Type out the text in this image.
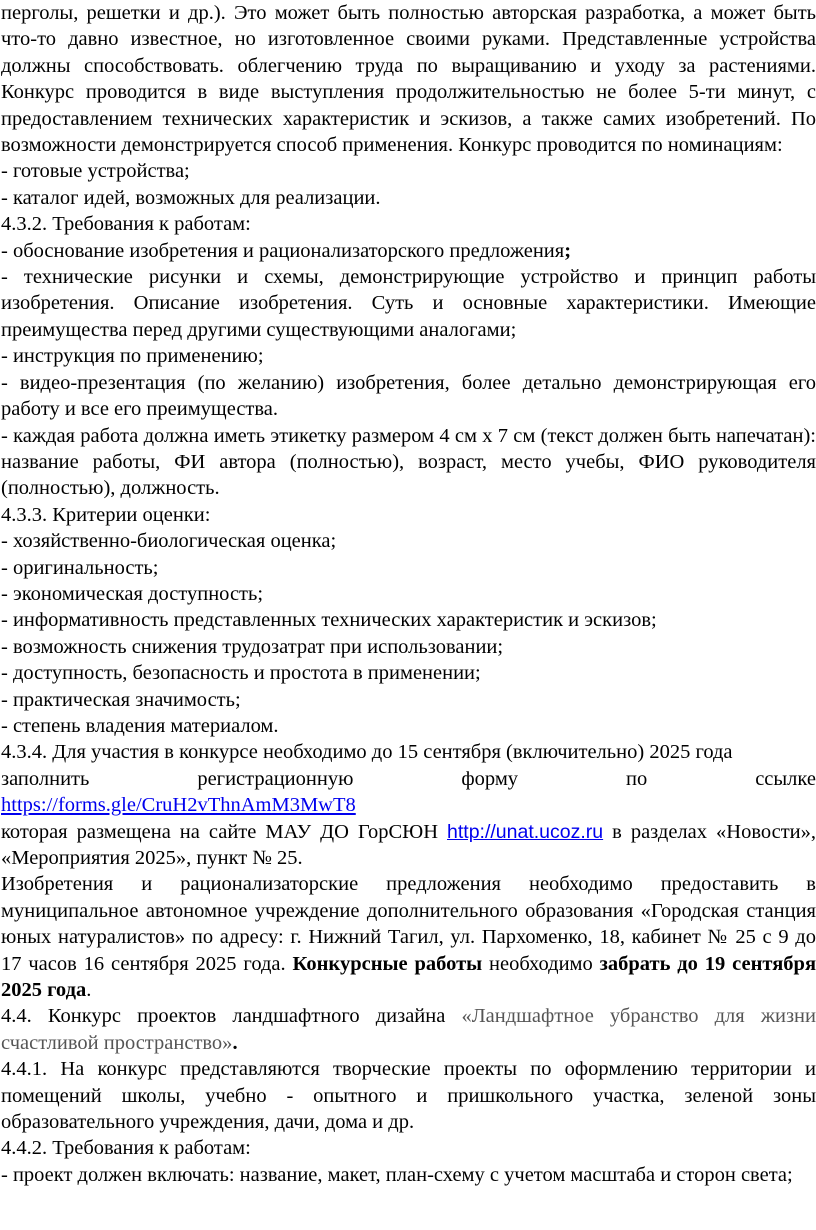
перголы, решетки и др.). Это может быть полностью авторская разработка, а может быть что-то давно известное, но изготовленное своими руками. Представленные устройства должны способствовать. облегчению труда по выращиванию и уходу за растениями. Конкурс проводится в виде выступления продолжительностью не более 5-ти минут, с предоставлением технических характеристик и эскизов, а также самих изобретений. По возможности демонстрируется способ применения. Конкурс проводится по номинациям:

- готовые устройства;

- каталог идей, возможных для реализации.

4.3.2. Требования к работам:

- обоснование изобретения и рационализаторского предложения;

- технические рисунки и схемы, демонстрирующие устройство и принцип работы изобретения. Описание изобретения. Суть и основные характеристики. Имеющие преимущества перед другими существующими аналогами;

- инструкция по применению;

- видео-презентация (по желанию) изобретения, более детально демонстрирующая его работу и все его преимущества.

- каждая работа должна иметь этикетку размером 4 см х 7 см (текст должен быть напечатан): название работы, ФИ автора (полностью), возраст, место учебы, ФИО руководителя (полностью), должность.

4.3.3. Критерии оценки:

- хозяйственно-биологическая оценка;

- оригинальность;

- экономическая доступность;

- информативность представленных технических характеристик и эскизов;

- возможность снижения трудозатрат при использовании;

- доступность, безопасность и простота в применении;

- практическая значимость;

- степень владения материалом.

4.3.4. Для участия в конкурсе необходимо до 15 сентября (включительно) 2025 года

заполнить	регистрационную	форму	по	ссылке

https://forms.gle/CruH2vThnAmM3MwT8

которая размещена на сайте МАУ ДО ГорСЮН http://unat.ucoz.ru в разделах «Новости», «Мероприятия 2025», пункт № 25.

Изобретения и рационализаторские предложения необходимо предоставить в муниципальное автономное учреждение дополнительного образования «Городская станция юных натуралистов» по адресу: г. Нижний Тагил, ул. Пархоменко, 18, кабинет № 25 с 9 до 17 часов 16 сентября 2025 года. Конкурсные работы необходимо забрать до 19 сентября 2025 года.

4.4. Конкурс проектов ландшафтного дизайна «Ландшафтное убранство для жизни счастливой пространство».

4.4.1. На конкурс представляются творческие проекты по оформлению территории и помещений школы, учебно - опытного и пришкольного участка, зеленой зоны образовательного учреждения, дачи, дома и др.

4.4.2. Требования к работам:

- проект должен включать: название, макет, план-схему с учетом масштаба и сторон света;
